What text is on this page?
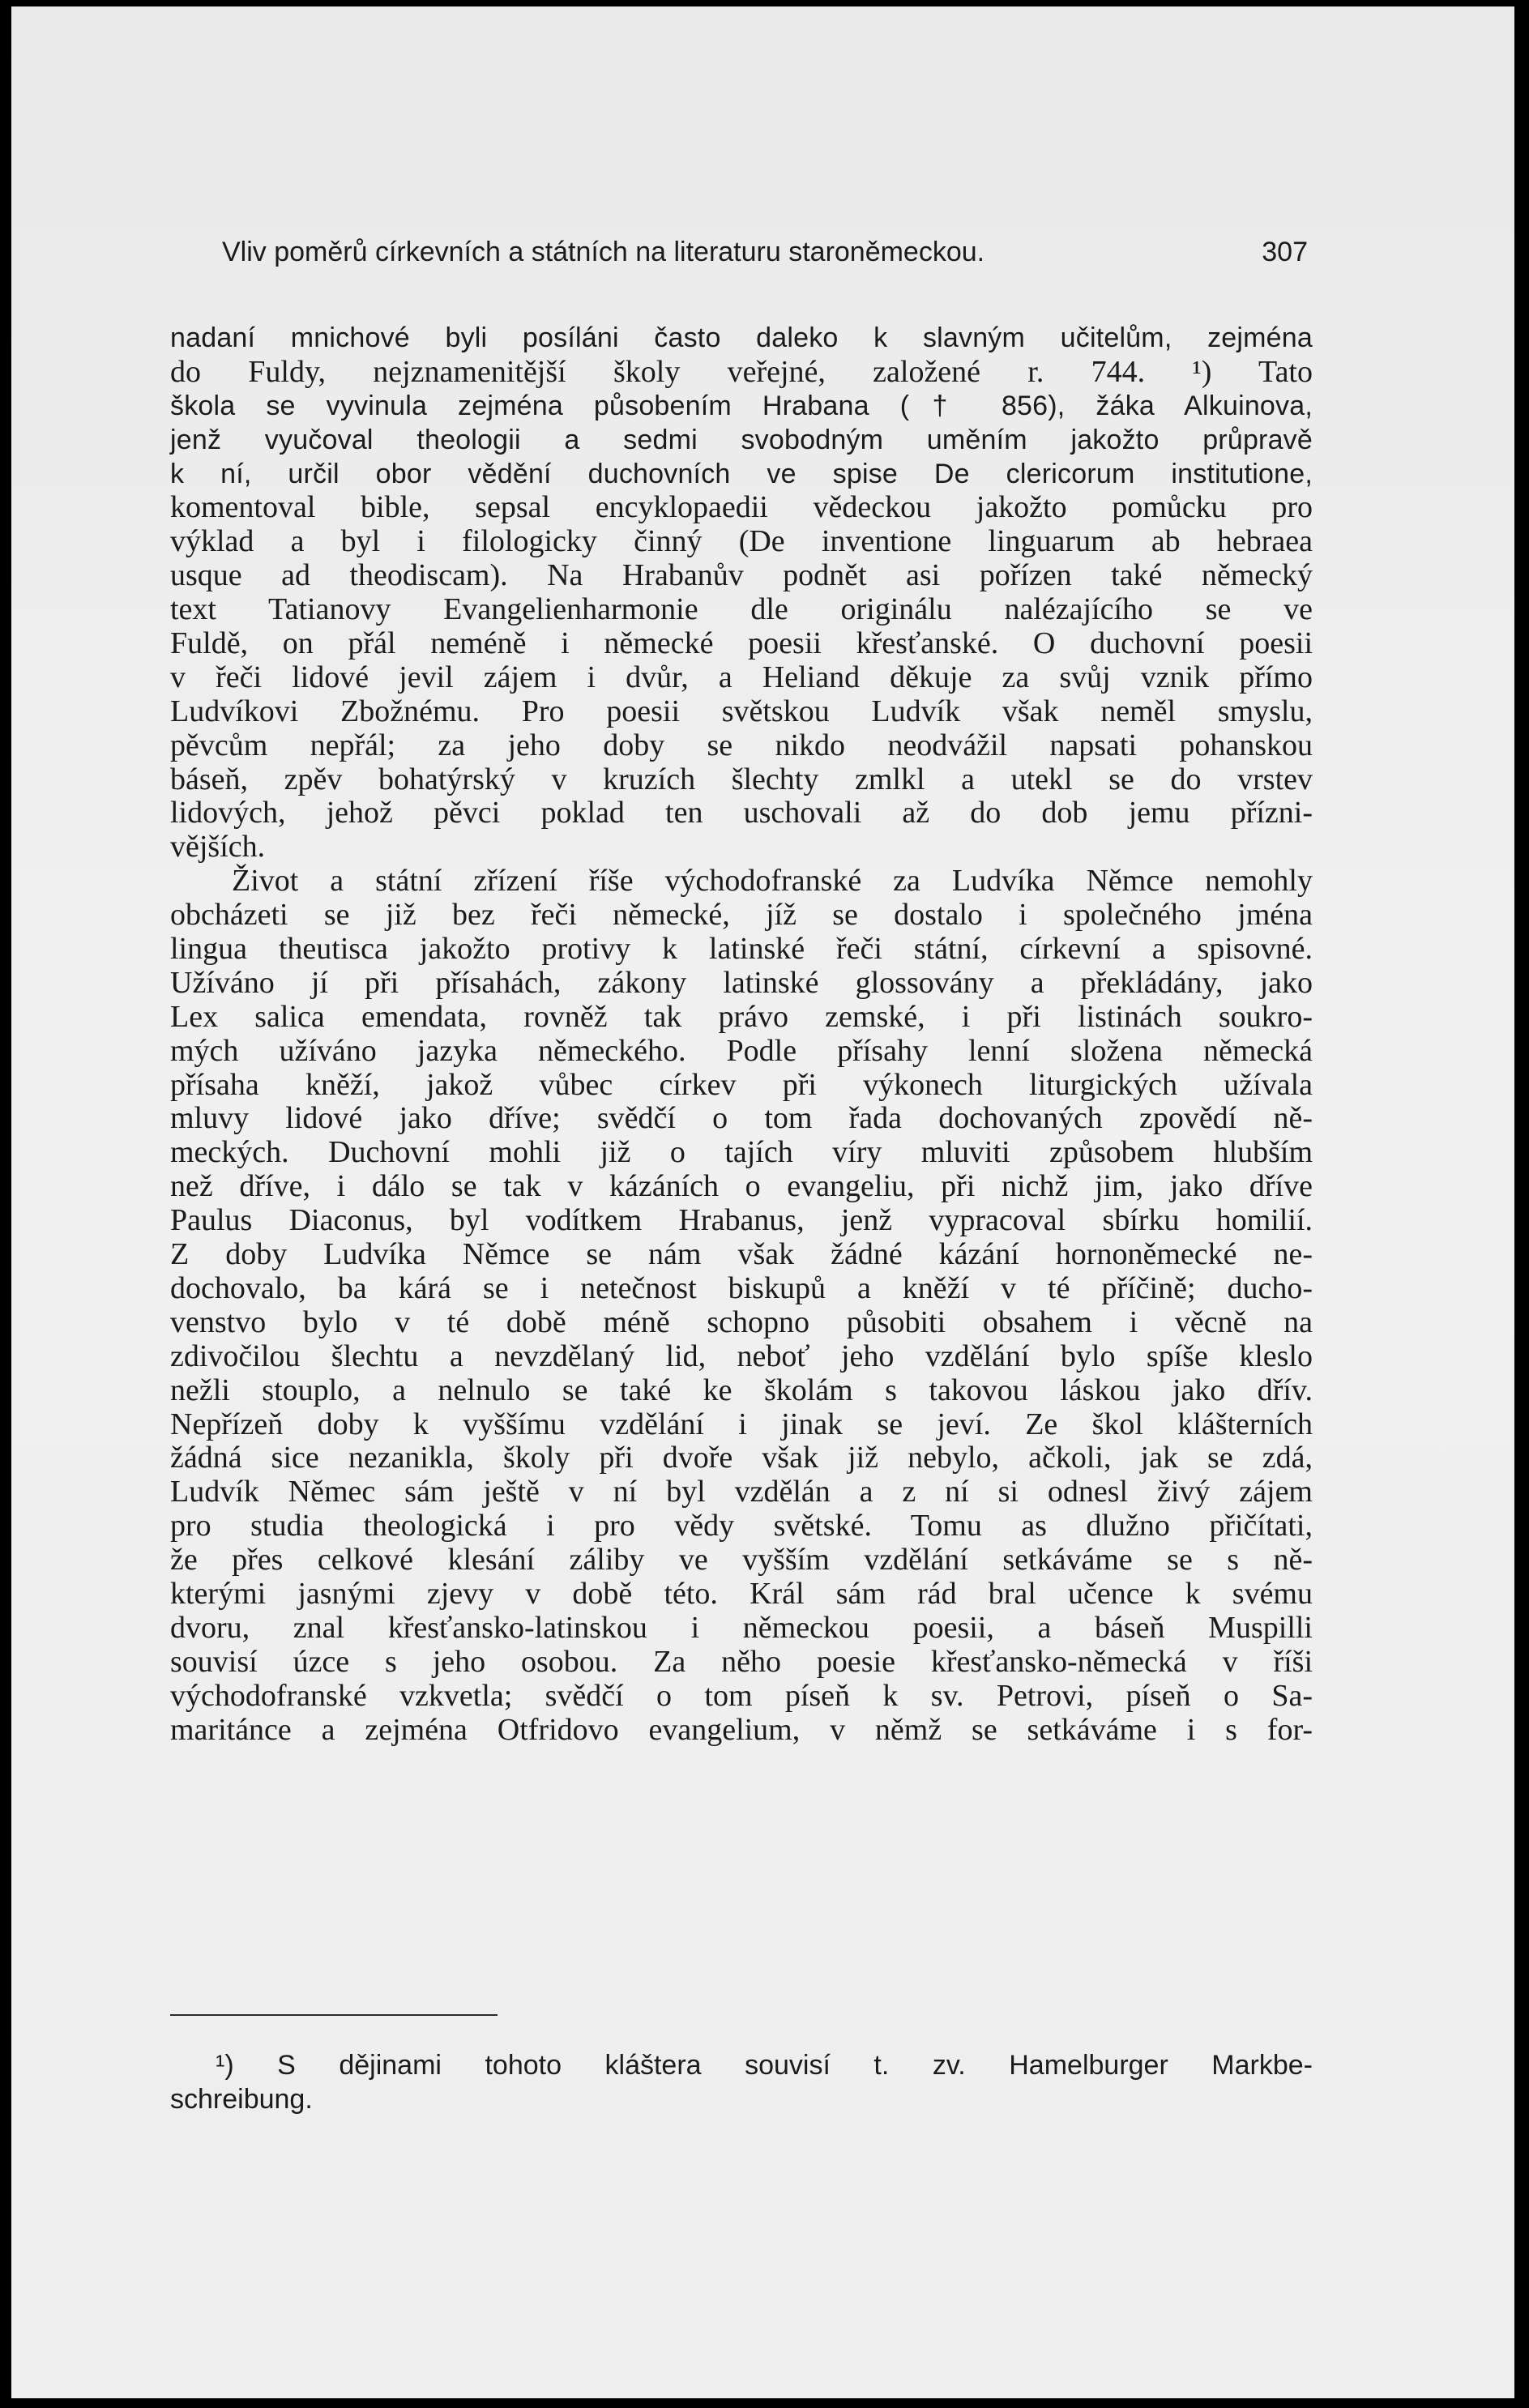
Vliv poměrů církevních a státních na literaturu staroněmeckou.	307
nadaní mnichové byli posíláni často daleko k slavným učitelům, zejména
do Fuldy, nejznamenitější školy veřejné, založené r. 744. ¹) Tato
škola se vyvinula zejména působením Hrabana († 856), žáka Alkuinova,
jenž vyučoval theologii a sedmi svobodným uměním jakožto průpravě
k ní, určil obor vědění duchovních ve spise De clericorum institutione,
komentoval bible, sepsal encyklopaedii vědeckou jakožto pomůcku pro
výklad a byl i filologicky činný (De inventione linguarum ab hebraea
usque ad theodiscam). Na Hrabanův podnět asi pořízen také německý
text Tatianovy Evangelienharmonie dle originálu nalézajícího se ve
Fuldě, on přál neméně i německé poesii křesťanské. O duchovní poesii
v řeči lidové jevil zájem i dvůr, a Heliand děkuje za svůj vznik přímo
Ludvíkovi Zbožnému. Pro poesii světskou Ludvík však neměl smyslu,
pěvcům nepřál; za jeho doby se nikdo neodvážil napsati pohanskou
báseň, zpěv bohatýrský v kruzích šlechty zmlkl a utekl se do vrstev
lidových, jehož pěvci poklad ten uschovali až do dob jemu přízni-
vějších.
Život a státní zřízení říše východofranské za Ludvíka Němce nemohly
obcházeti se již bez řeči německé, jíž se dostalo i společného jména
lingua theutisca jakožto protivy k latinské řeči státní, církevní a spisovné.
Užíváno jí při přísahách, zákony latinské glossovány a překládány, jako
Lex salica emendata, rovněž tak právo zemské, i při listinách soukro-
mých užíváno jazyka německého. Podle přísahy lenní složena německá
přísaha kněží, jakož vůbec církev při výkonech liturgických užívala
mluvy lidové jako dříve; svědčí o tom řada dochovaných zpovědí ně-
meckých. Duchovní mohli již o tajích víry mluviti způsobem hlubším
než dříve, i dálo se tak v kázáních o evangeliu, při nichž jim, jako dříve
Paulus Diaconus, byl vodítkem Hrabanus, jenž vypracoval sbírku homilií.
Z doby Ludvíka Němce se nám však žádné kázání hornoněmecké ne-
dochovalo, ba kárá se i netečnost biskupů a kněží v té příčině; ducho-
venstvo bylo v té době méně schopno působiti obsahem i věcně na
zdivočilou šlechtu a nevzdělaný lid, neboť jeho vzdělání bylo spíše kleslo
nežli stouplo, a nelnulo se také ke školám s takovou láskou jako dřív.
Nepřízeň doby k vyššímu vzdělání i jinak se jeví. Ze škol klášterních
žádná sice nezanikla, školy při dvoře však již nebylo, ačkoli, jak se zdá,
Ludvík Němec sám ještě v ní byl vzdělán a z ní si odnesl živý zájem
pro studia theologická i pro vědy světské. Tomu as dlužno přičítati,
že přes celkové klesání záliby ve vyšším vzdělání setkáváme se s ně-
kterými jasnými zjevy v době této. Král sám rád bral učence k svému
dvoru, znal křesťansko-latinskou i německou poesii, a báseň Muspilli
souvisí úzce s jeho osobou. Za něho poesie křesťansko-německá v říši
východofranské vzkvetla; svědčí o tom píseň k sv. Petrovi, píseň o Sa-
maritánce a zejména Otfridovo evangelium, v němž se setkáváme i s for-
¹) S dějinami tohoto kláštera souvisí t. zv. Hamelburger Markbe-
schreibung.
